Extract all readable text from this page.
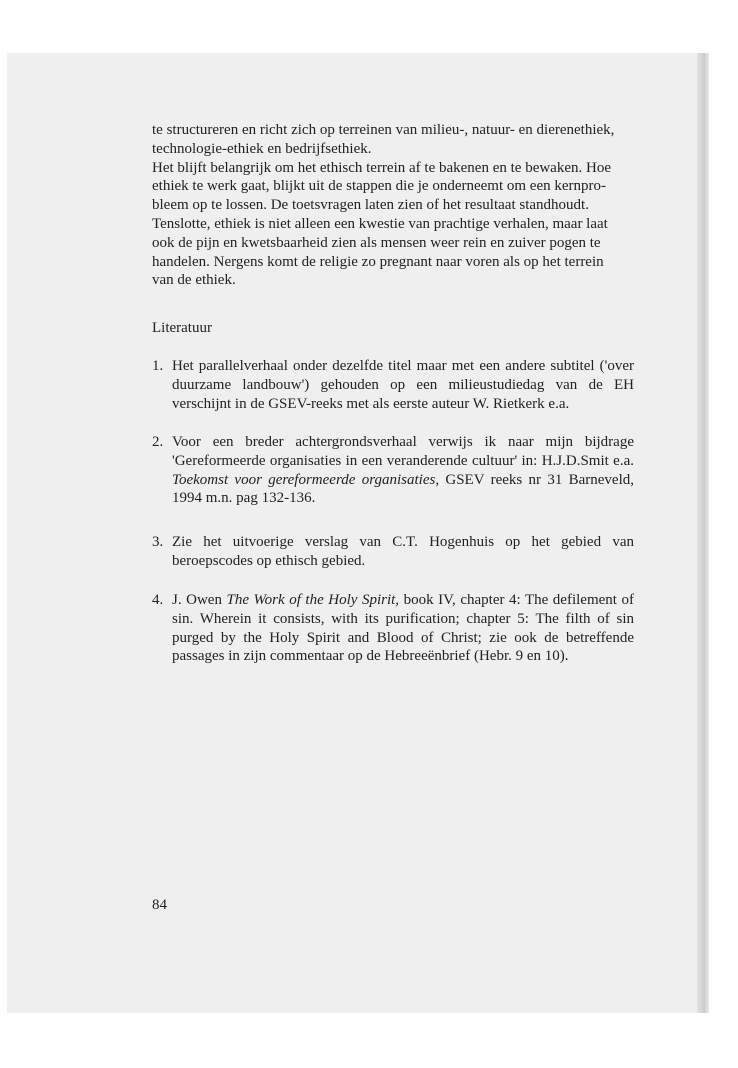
te structureren en richt zich op terreinen van milieu-, natuur- en dierenethiek,
technologie-ethiek en bedrijfsethiek.
Het blijft belangrijk om het ethisch terrein af te bakenen en te bewaken. Hoe
ethiek te werk gaat, blijkt uit de stappen die je onderneemt om een kernpro-
bleem op te lossen. De toetsvragen laten zien of het resultaat standhoudt.
Tenslotte, ethiek is niet alleen een kwestie van prachtige verhalen, maar laat
ook de pijn en kwetsbaarheid zien als mensen weer rein en zuiver pogen te
handelen. Nergens komt de religie zo pregnant naar voren als op het terrein
van de ethiek.
Literatuur
1. Het parallelverhaal onder dezelfde titel maar met een andere subtitel ('over duurzame landbouw') gehouden op een milieustudiedag van de EH verschijnt in de GSEV-reeks met als eerste auteur W. Rietkerk e.a.
2. Voor een breder achtergrondsverhaal verwijs ik naar mijn bijdrage 'Gereformeerde organisaties in een veranderende cultuur' in: H.J.D.Smit e.a. Toekomst voor gereformeerde organisaties, GSEV reeks nr 31 Barneveld, 1994 m.n. pag 132-136.
3. Zie het uitvoerige verslag van C.T. Hogenhuis op het gebied van beroepscodes op ethisch gebied.
4. J. Owen The Work of the Holy Spirit, book IV, chapter 4: The defilement of sin. Wherein it consists, with its purification; chapter 5: The filth of sin purged by the Holy Spirit and Blood of Christ; zie ook de betreffende passages in zijn commentaar op de Hebreeënbrief (Hebr. 9 en 10).
84
